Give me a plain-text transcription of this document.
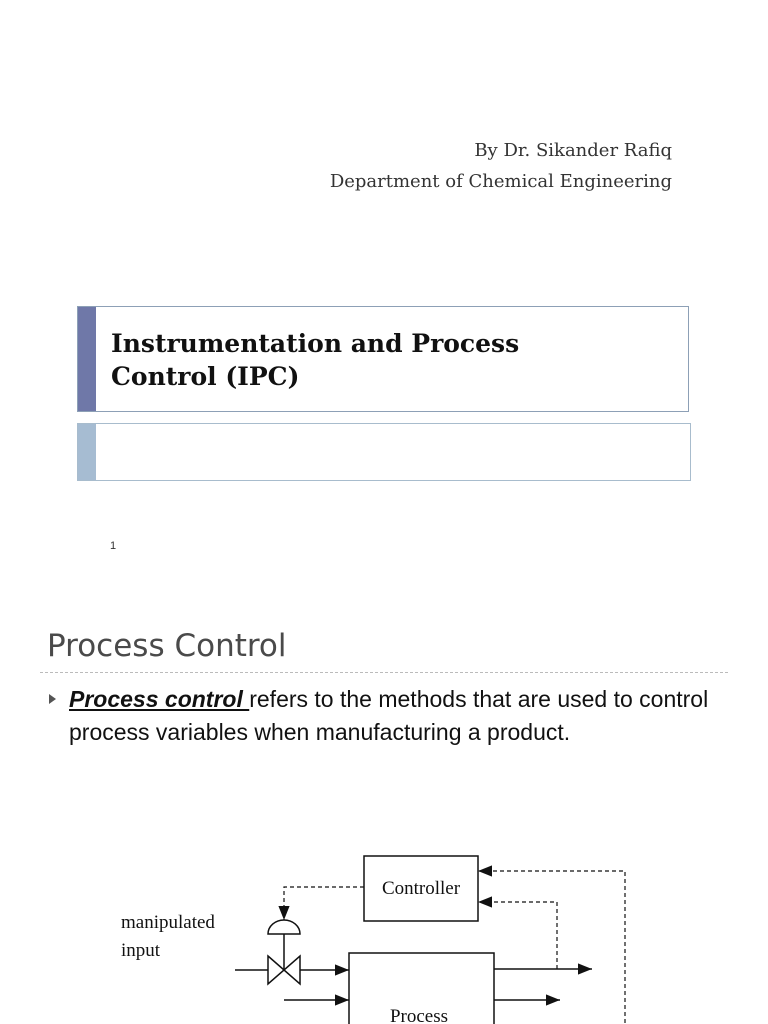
By Dr. Sikander Rafiq
Department of Chemical Engineering
Instrumentation and Process
Control (IPC)
1
Process Control
Process control refers to the methods that are used to control process variables when manufacturing a product.
Controller
Process
manipulated
input
